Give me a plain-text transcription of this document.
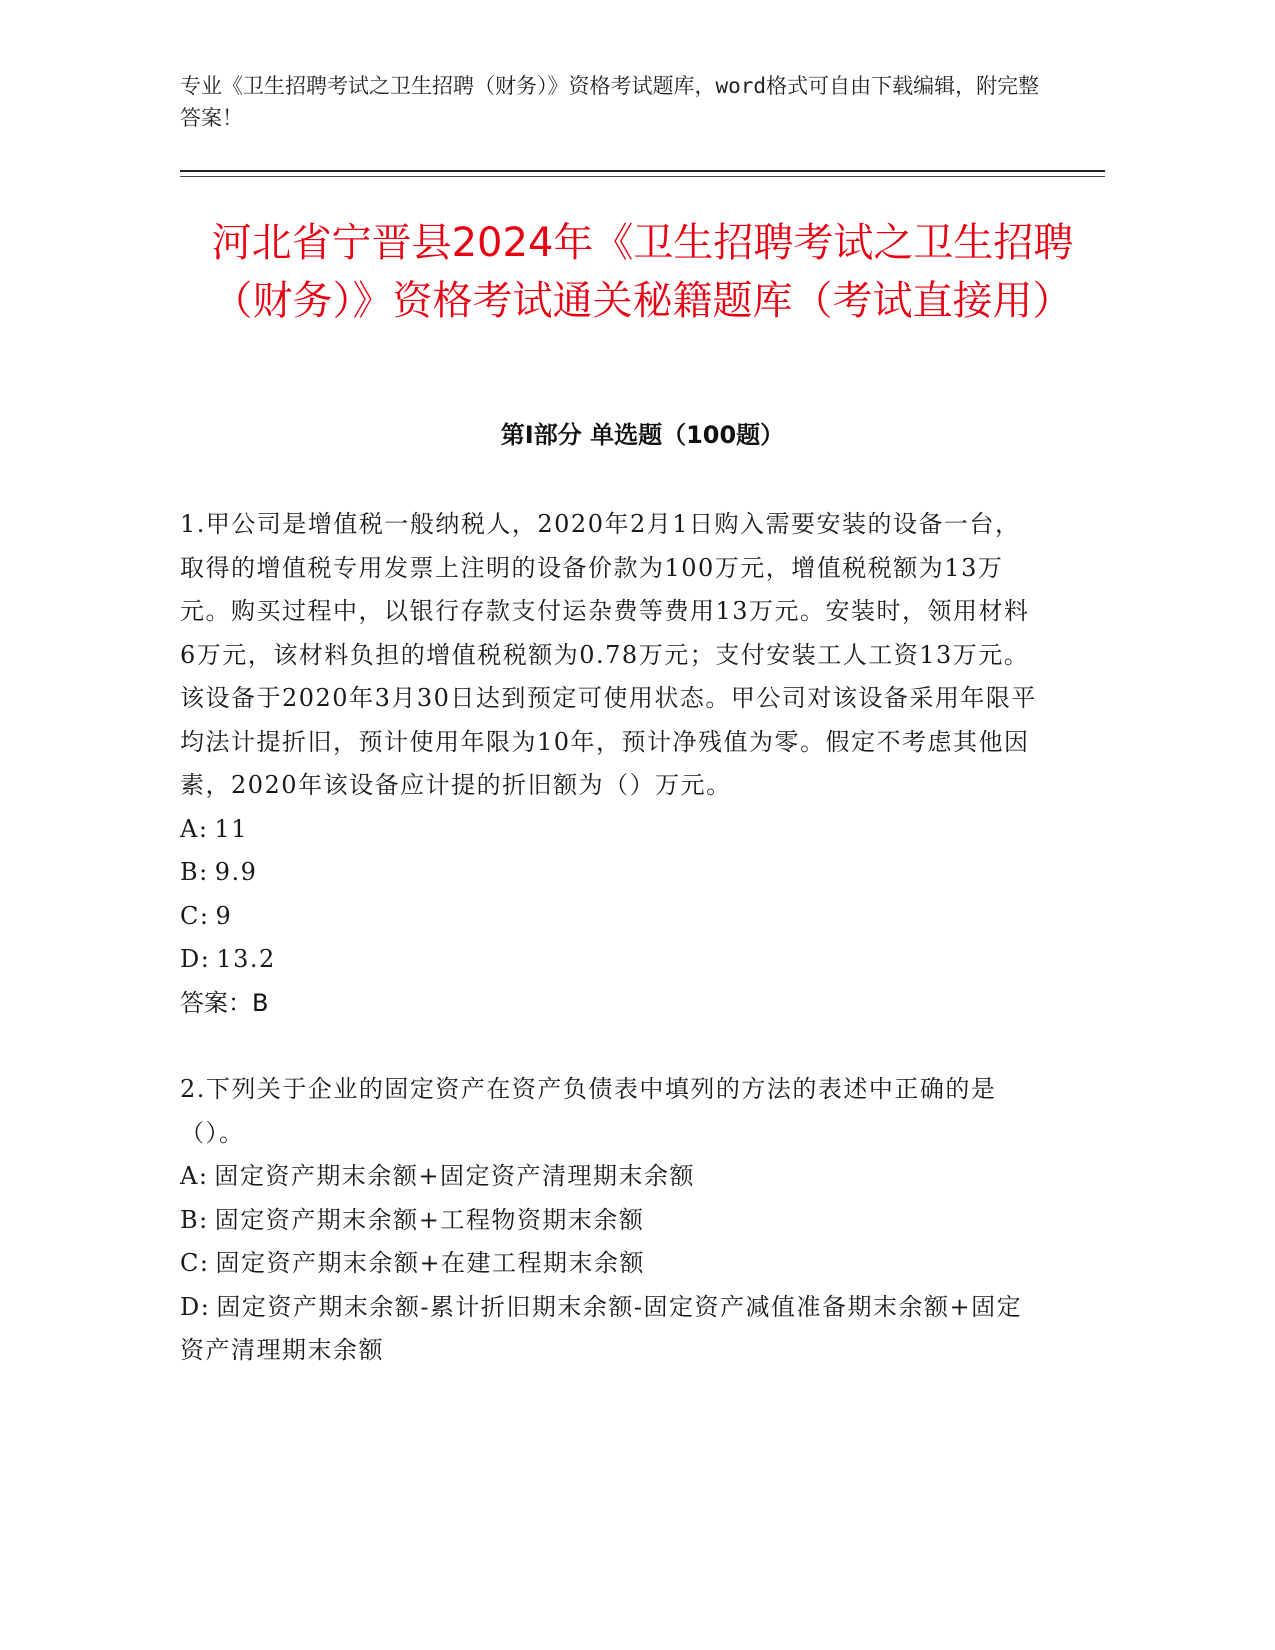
专业《卫生招聘考试之卫生招聘（财务）》资格考试题库，word格式可自由下载编辑，附完整答案！
河北省宁晋县2024年《卫生招聘考试之卫生招聘（财务）》资格考试通关秘籍题库（考试直接用）
第I部分 单选题（100题）

1.甲公司是增值税一般纳税人，2020年2月1日购入需要安装的设备一台，取得的增值税专用发票上注明的设备价款为100万元，增值税税额为13万元。购买过程中，以银行存款支付运杂费等费用13万元。安装时，领用材料6万元，该材料负担的增值税税额为0.78万元；支付安装工人工资13万元。该设备于2020年3月30日达到预定可使用状态。甲公司对该设备采用年限平均法计提折旧，预计使用年限为10年，预计净残值为零。假定不考虑其他因素，2020年该设备应计提的折旧额为（）万元。

A: 11
B: 9.9
C: 9
D: 13.2

答案：B

2.下列关于企业的固定资产在资产负债表中填列的方法的表述中正确的是（）。

A: 固定资产期末余额+固定资产清理期末余额
B: 固定资产期末余额+工程物资期末余额
C: 固定资产期末余额+在建工程期末余额
D: 固定资产期末余额-累计折旧期末余额-固定资产减值准备期末余额+固定资产清理期末余额
